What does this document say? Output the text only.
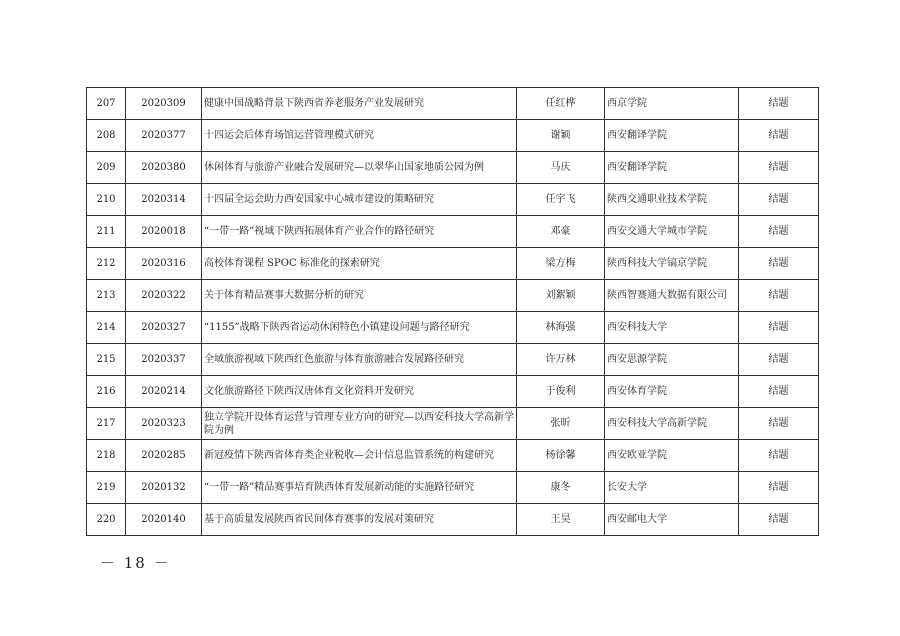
207	2020309	健康中国战略背景下陕西省养老服务产业发展研究	任红桦	西京学院	结题
208	2020377	十四运会后体育场馆运营管理模式研究	谢颖	西安翻译学院	结题
209	2020380	休闲体育与旅游产业融合发展研究—以翠华山国家地质公园为例	马庆	西安翻译学院	结题
210	2020314	十四届全运会助力西安国家中心城市建设的策略研究	任宇飞	陕西交通职业技术学院	结题
211	2020018	“一带一路”视域下陕西拓展体育产业合作的路径研究	邓豪	西安交通大学城市学院	结题
212	2020316	高校体育课程 SPOC 标准化的探索研究	梁方梅	陕西科技大学镐京学院	结题
213	2020322	关于体育精品赛事大数据分析的研究	刘絮颖	陕西智赛通大数据有限公司	结题
214	2020327	“1155”战略下陕西省运动休闲特色小镇建设问题与路径研究	林海强	西安科技大学	结题
215	2020337	全域旅游视域下陕西红色旅游与体育旅游融合发展路径研究	许万林	西安思源学院	结题
216	2020214	文化旅游路径下陕西汉唐体育文化资料开发研究	于俊利	西安体育学院	结题
217	2020323	独立学院开设体育运营与管理专业方向的研究—以西安科技大学高新学院为例	张昕	西安科技大学高新学院	结题
218	2020285	新冠疫情下陕西省体育类企业税收—会计信息监管系统的构建研究	杨徐馨	西安欧亚学院	结题
219	2020132	“一带一路”精品赛事培育陕西体育发展新动能的实施路径研究	康冬	长安大学	结题
220	2020140	基于高质量发展陕西省民间体育赛事的发展对策研究	王昊	西安邮电大学	结题
－ 18 －
